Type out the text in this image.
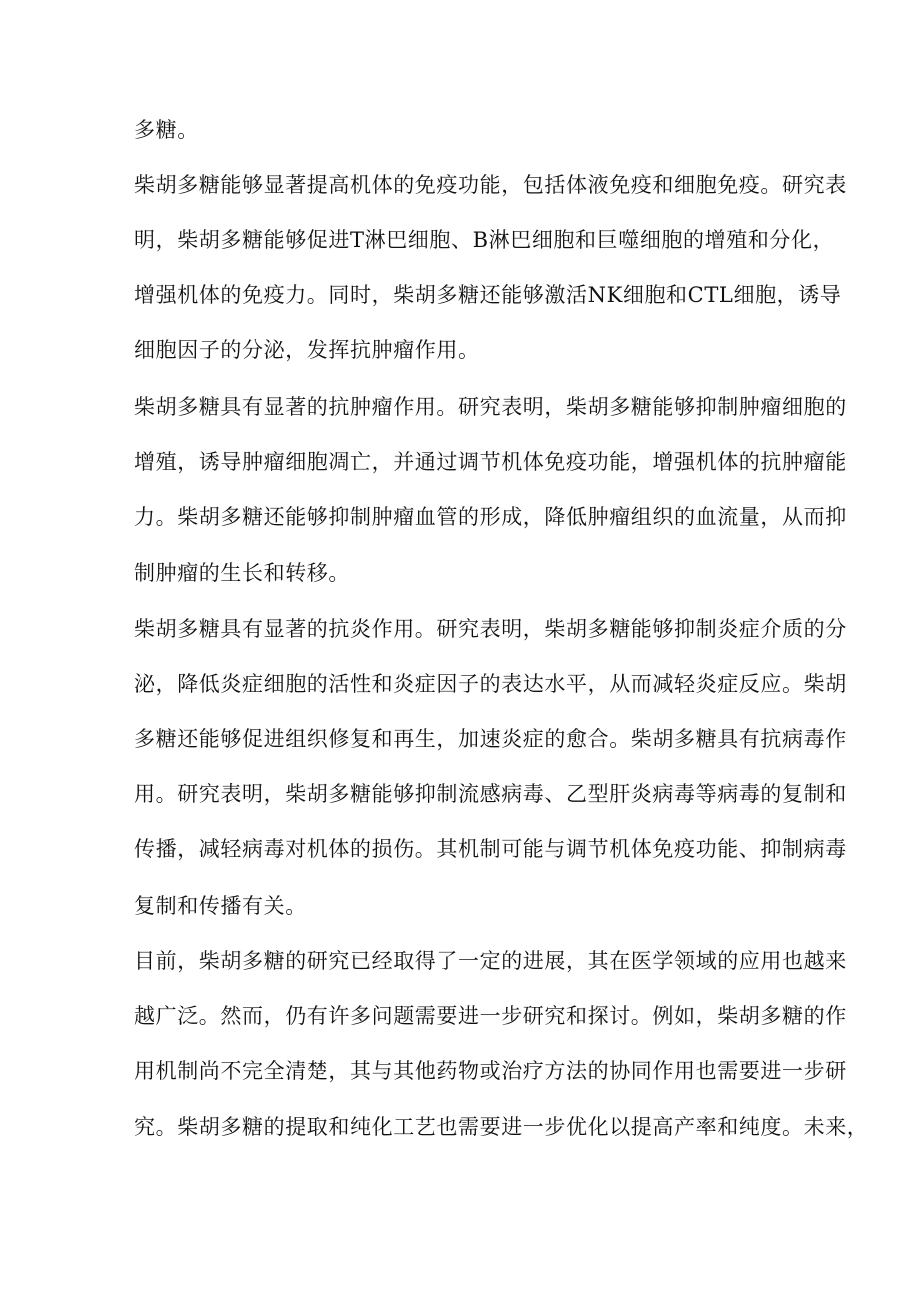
多糖。
柴胡多糖能够显著提高机体的免疫功能，包括体液免疫和细胞免疫。研究表
明，柴胡多糖能够促进T淋巴细胞、B淋巴细胞和巨噬细胞的增殖和分化，
增强机体的免疫力。同时，柴胡多糖还能够激活NK细胞和CTL细胞，诱导
细胞因子的分泌，发挥抗肿瘤作用。
柴胡多糖具有显著的抗肿瘤作用。研究表明，柴胡多糖能够抑制肿瘤细胞的
增殖，诱导肿瘤细胞凋亡，并通过调节机体免疫功能，增强机体的抗肿瘤能
力。柴胡多糖还能够抑制肿瘤血管的形成，降低肿瘤组织的血流量，从而抑
制肿瘤的生长和转移。
柴胡多糖具有显著的抗炎作用。研究表明，柴胡多糖能够抑制炎症介质的分
泌，降低炎症细胞的活性和炎症因子的表达水平，从而减轻炎症反应。柴胡
多糖还能够促进组织修复和再生，加速炎症的愈合。柴胡多糖具有抗病毒作
用。研究表明，柴胡多糖能够抑制流感病毒、乙型肝炎病毒等病毒的复制和
传播，减轻病毒对机体的损伤。其机制可能与调节机体免疫功能、抑制病毒
复制和传播有关。
目前，柴胡多糖的研究已经取得了一定的进展，其在医学领域的应用也越来
越广泛。然而，仍有许多问题需要进一步研究和探讨。例如，柴胡多糖的作
用机制尚不完全清楚，其与其他药物或治疗方法的协同作用也需要进一步研
究。柴胡多糖的提取和纯化工艺也需要进一步优化以提高产率和纯度。未来，
